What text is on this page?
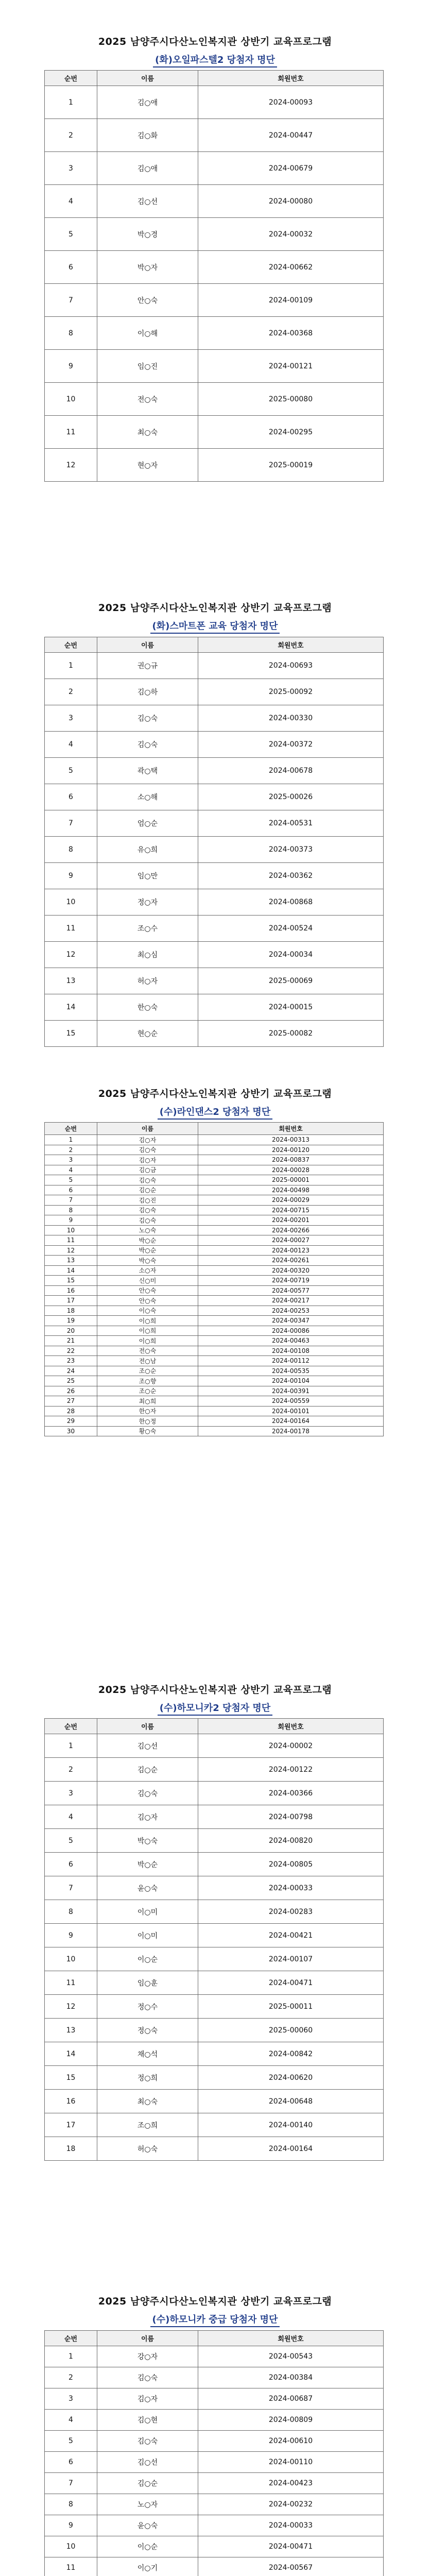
2025 남양주시다산노인복지관 상반기 교육프로그램
(화)오일파스텔2 당첨자 명단
순번	이름	회원번호
1	김○애	2024-00093
2	김○화	2024-00447
3	김○애	2024-00679
4	김○선	2024-00080
5	박○경	2024-00032
6	박○자	2024-00662
7	안○숙	2024-00109
8	이○해	2024-00368
9	임○진	2024-00121
10	전○숙	2025-00080
11	최○숙	2024-00295
12	현○자	2025-00019
2025 남양주시다산노인복지관 상반기 교육프로그램
(화)스마트폰 교육 당첨자 명단
순번	이름	회원번호
1	권○규	2024-00693
2	김○하	2025-00092
3	김○숙	2024-00330
4	김○숙	2024-00372
5	곽○택	2024-00678
6	소○해	2025-00026
7	엄○순	2024-00531
8	유○희	2024-00373
9	임○만	2024-00362
10	정○자	2024-00868
11	조○수	2024-00524
12	최○심	2024-00034
13	허○자	2025-00069
14	한○숙	2024-00015
15	현○순	2025-00082
2025 남양주시다산노인복지관 상반기 교육프로그램
(수)라인댄스2 당첨자 명단
순번	이름	회원번호
1	김○자	2024-00313
2	김○숙	2024-00120
3	김○자	2024-00837
4	김○금	2024-00028
5	김○숙	2025-00001
6	김○순	2024-00498
7	김○진	2024-00029
8	김○숙	2024-00715
9	김○숙	2024-00201
10	노○숙	2024-00266
11	박○순	2024-00027
12	박○순	2024-00123
13	박○숙	2024-00261
14	소○자	2024-00320
15	신○미	2024-00719
16	안○숙	2024-00577
17	안○숙	2024-00217
18	이○숙	2024-00253
19	이○희	2024-00347
20	이○희	2024-00086
21	이○희	2024-00463
22	전○숙	2024-00108
23	전○남	2024-00112
24	조○순	2024-00535
25	조○향	2024-00104
26	조○순	2024-00391
27	최○희	2024-00559
28	한○자	2024-00101
29	한○정	2024-00164
30	황○숙	2024-00178
2025 남양주시다산노인복지관 상반기 교육프로그램
(수)하모니카2 당첨자 명단
순번	이름	회원번호
1	김○선	2024-00002
2	김○순	2024-00122
3	김○숙	2024-00366
4	김○자	2024-00798
5	박○숙	2024-00820
6	박○순	2024-00805
7	윤○숙	2024-00033
8	이○미	2024-00283
9	이○미	2024-00421
10	이○순	2024-00107
11	임○훈	2024-00471
12	정○수	2025-00011
13	정○숙	2025-00060
14	채○석	2024-00842
15	정○희	2024-00620
16	최○숙	2024-00648
17	조○희	2024-00140
18	허○숙	2024-00164
2025 남양주시다산노인복지관 상반기 교육프로그램
(수)하모니카 중급 당첨자 명단
순번	이름	회원번호
1	강○자	2024-00543
2	김○숙	2024-00384
3	김○자	2024-00687
4	김○현	2024-00809
5	김○숙	2024-00610
6	김○선	2024-00110
7	김○순	2024-00423
8	노○자	2024-00232
9	윤○숙	2024-00033
10	이○순	2024-00471
11	이○기	2024-00567
